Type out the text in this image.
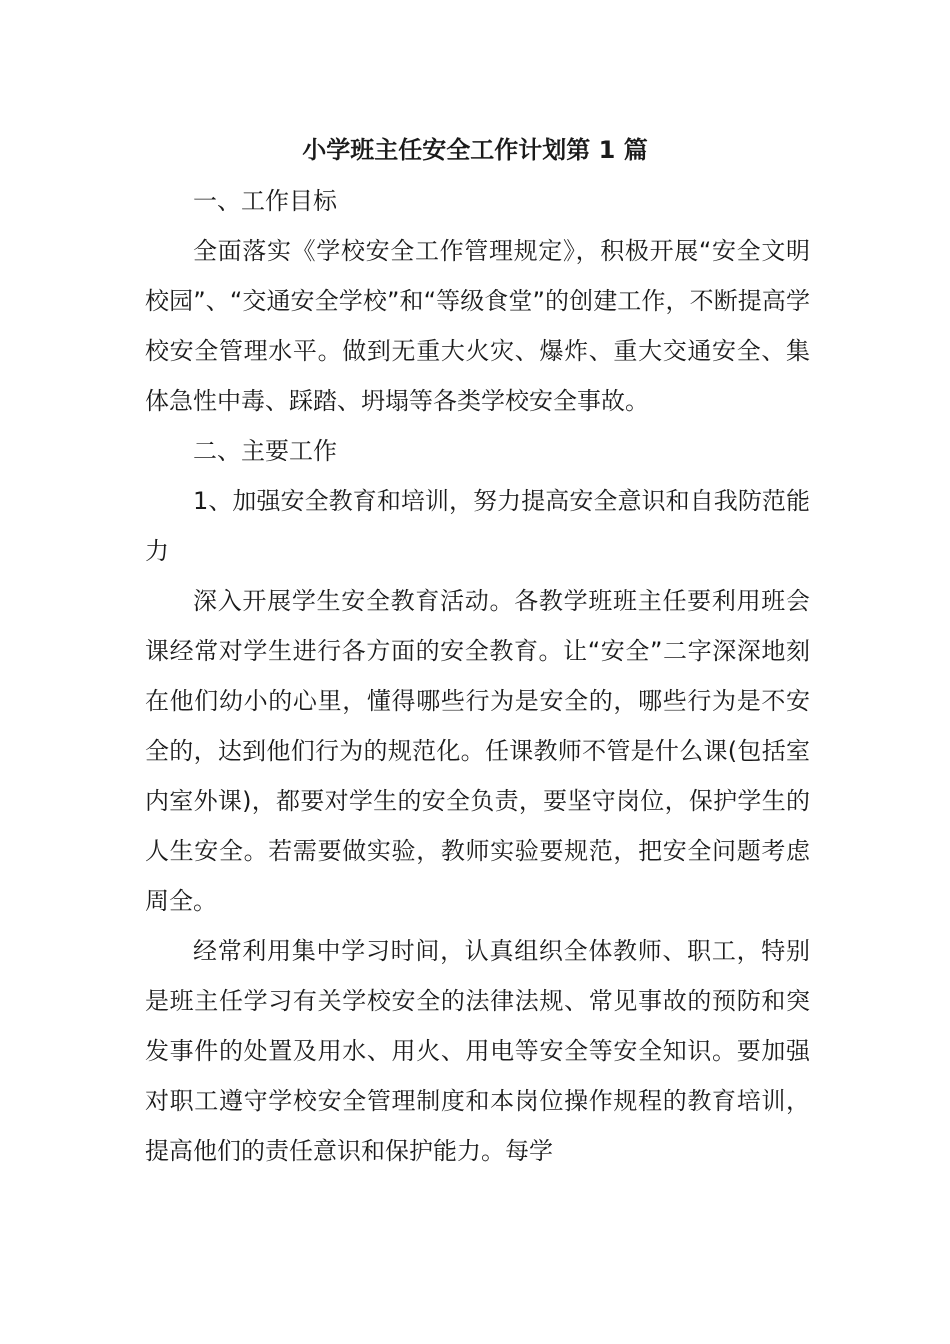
小学班主任安全工作计划第 1 篇

一、工作目标

全面落实《学校安全工作管理规定》，积极开展“安全文明校园”、“交通安全学校”和“等级食堂”的创建工作，不断提高学校安全管理水平。做到无重大火灾、爆炸、重大交通安全、集体急性中毒、踩踏、坍塌等各类学校安全事故。

二、主要工作

1、加强安全教育和培训，努力提高安全意识和自我防范能力

深入开展学生安全教育活动。各教学班班主任要利用班会课经常对学生进行各方面的安全教育。让“安全”二字深深地刻在他们幼小的心里，懂得哪些行为是安全的，哪些行为是不安全的，达到他们行为的规范化。任课教师不管是什么课(包括室内室外课)，都要对学生的安全负责，要坚守岗位，保护学生的人生安全。若需要做实验，教师实验要规范，把安全问题考虑周全。

经常利用集中学习时间，认真组织全体教师、职工，特别是班主任学习有关学校安全的法律法规、常见事故的预防和突发事件的处置及用水、用火、用电等安全等安全知识。要加强对职工遵守学校安全管理制度和本岗位操作规程的教育培训，提高他们的责任意识和保护能力。每学
